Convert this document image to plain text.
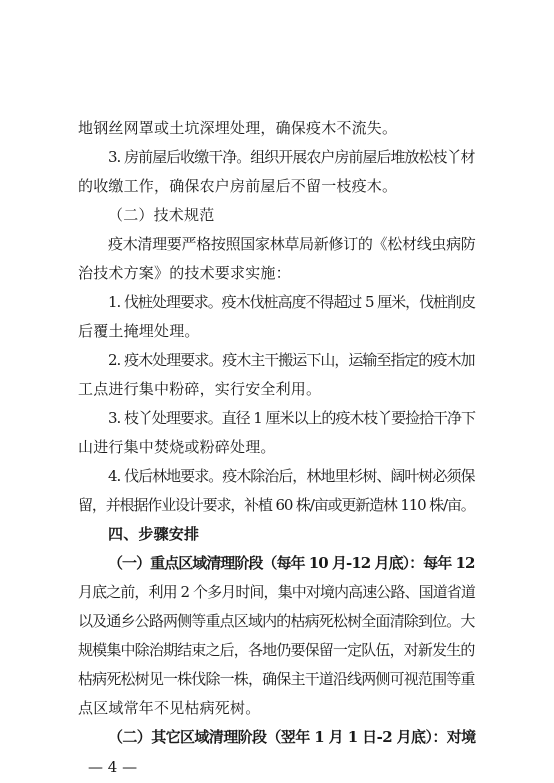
地钢丝网罩或土坑深埋处理，确保疫木不流失。
3. 房前屋后收缴干净。组织开展农户房前屋后堆放松枝丫材
的收缴工作，确保农户房前屋后不留一枝疫木。
（二）技术规范
疫木清理要严格按照国家林草局新修订的《松材线虫病防
治技术方案》的技术要求实施：
1. 伐桩处理要求。疫木伐桩高度不得超过 5 厘米，伐桩削皮
后覆土掩埋处理。
2. 疫木处理要求。疫木主干搬运下山，运输至指定的疫木加
工点进行集中粉碎，实行安全利用。
3. 枝丫处理要求。直径 1 厘米以上的疫木枝丫要捡拾干净下
山进行集中焚烧或粉碎处理。
4. 伐后林地要求。疫木除治后，林地里杉树、阔叶树必须保
留，并根据作业设计要求，补植 60 株/亩或更新造林 110 株/亩。
四、步骤安排
（一）重点区域清理阶段（每年 10 月-12 月底）：每年 12
月底之前，利用 2 个多月时间，集中对境内高速公路、国道省道
以及通乡公路两侧等重点区域内的枯病死松树全面清除到位。大
规模集中除治期结束之后，各地仍要保留一定队伍，对新发生的
枯病死松树见一株伐除一株，确保主干道沿线两侧可视范围等重
点区域常年不见枯病死树。
（二）其它区域清理阶段（翌年 1 月 1 日-2 月底）：对境
— 4 —
